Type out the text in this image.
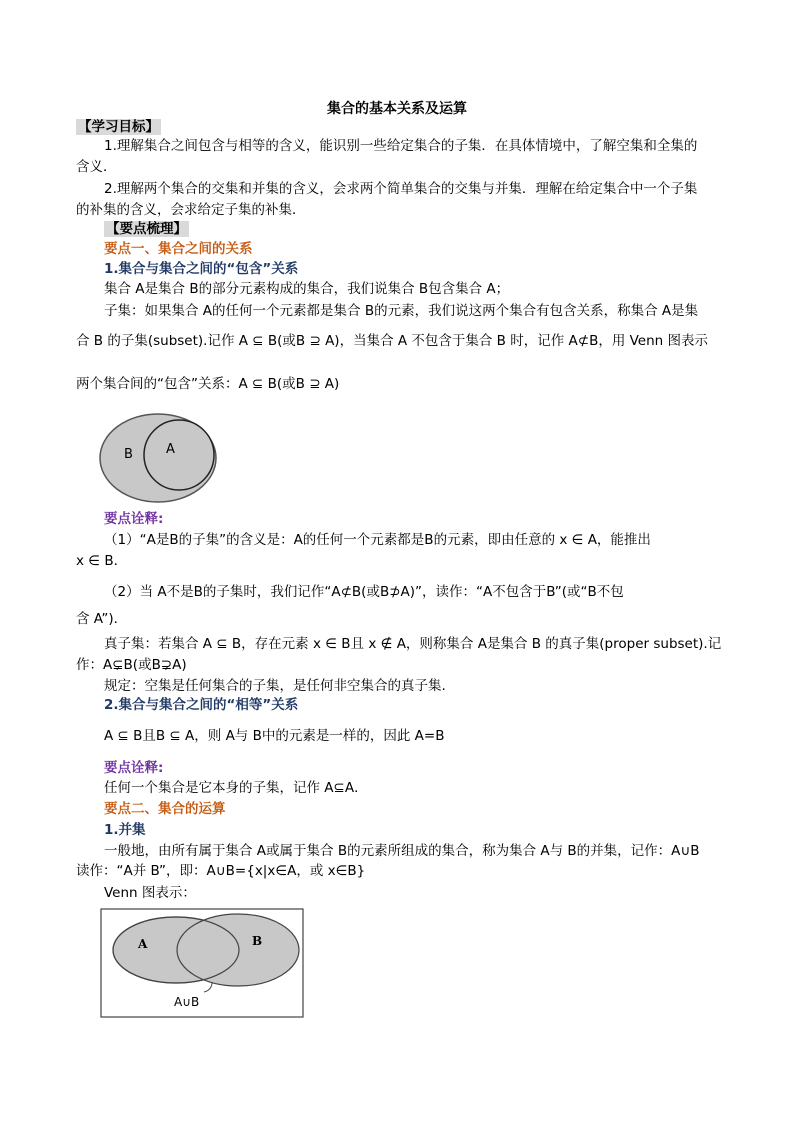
集合的基本关系及运算
【学习目标】
1.理解集合之间包含与相等的含义，能识别一些给定集合的子集．在具体情境中，了解空集和全集的
含义．
2.理解两个集合的交集和并集的含义，会求两个简单集合的交集与并集．理解在给定集合中一个子集
的补集的含义，会求给定子集的补集．
【要点梳理】
要点一、集合之间的关系
1.集合与集合之间的“包含”关系
集合 A是集合 B的部分元素构成的集合，我们说集合 B包含集合 A；
子集：如果集合 A的任何一个元素都是集合 B的元素，我们说这两个集合有包含关系，称集合 A是集
合 B 的子集(subset).记作 A ⊆ B(或B ⊇ A)，当集合 A 不包含于集合 B 时，记作 A⊄B，用 Venn 图表示
两个集合间的“包含”关系：A ⊆ B(或B ⊇ A)
B	A
要点诠释:
（1）“A是B的子集”的含义是：A的任何一个元素都是B的元素，即由任意的 x ∈ A，能推出
x ∈ B．
（2）当 A不是B的子集时，我们记作“A⊄B(或B⊅A)”，读作：“A不包含于B”(或“B不包
含 A”)．
真子集：若集合 A ⊆ B，存在元素 x ∈ B且 x ∉ A，则称集合 A是集合 B 的真子集(proper subset).记
作：A⊊B(或B⊋A)
规定：空集是任何集合的子集，是任何非空集合的真子集.
2.集合与集合之间的“相等”关系
A ⊆ B且B ⊆ A，则 A与 B中的元素是一样的，因此 A=B
要点诠释:
任何一个集合是它本身的子集，记作 A⊆A．
要点二、集合的运算
1.并集
一般地，由所有属于集合 A或属于集合 B的元素所组成的集合，称为集合 A与 B的并集，记作：A∪B
读作：“A并 B”，即：A∪B={x|x∈A，或 x∈B}
Venn 图表示：
A	B
A∪B
